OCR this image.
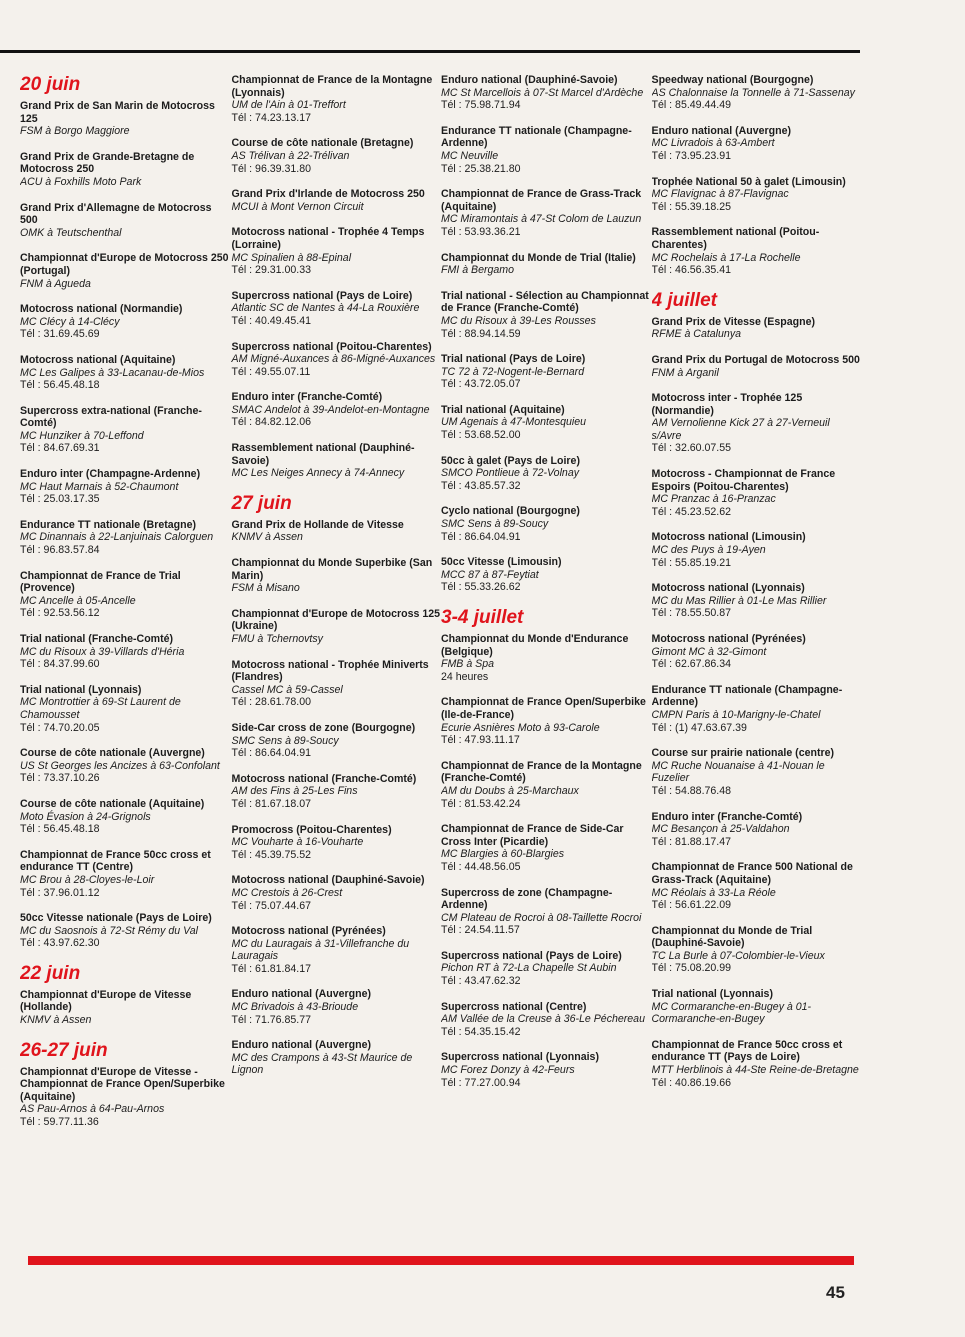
20 juin
Grand Prix de San Marin de Motocross 125
FSM à Borgo Maggiore
Grand Prix de Grande-Bretagne de Motocross 250
ACU à Foxhills Moto Park
Grand Prix d'Allemagne de Motocross 500
OMK à Teutschenthal
Championnat d'Europe de Motocross 250 (Portugal)
FNM à Agueda
Motocross national (Normandie)
MC Clécy à 14-Clécy
Tél : 31.69.45.69
Motocross national (Aquitaine)
MC Les Galipes à 33-Lacanau-de-Mios
Tél : 56.45.48.18
Supercross extra-national (Franche-Comté)
MC Hunziker à 70-Leffond
Tél : 84.67.69.31
Enduro inter (Champagne-Ardenne)
MC Haut Marnais à 52-Chaumont
Tél : 25.03.17.35
Endurance TT nationale (Bretagne)
MC Dinannais à 22-Lanjuinais Calorguen
Tél : 96.83.57.84
Championnat de France de Trial (Provence)
MC Ancelle à 05-Ancelle
Tél : 92.53.56.12
Trial national (Franche-Comté)
MC du Risoux à 39-Villards d'Héria
Tél : 84.37.99.60
Trial national (Lyonnais)
MC Montrottier à 69-St Laurent de Chamousset
Tél : 74.70.20.05
Course de côte nationale (Auvergne)
US St Georges les Ancizes à 63-Confolant
Tél : 73.37.10.26
Course de côte nationale (Aquitaine)
Moto Évasion à 24-Grignols
Tél : 56.45.48.18
Championnat de France 50cc cross et endurance TT (Centre)
MC Brou à 28-Cloyes-le-Loir
Tél : 37.96.01.12
50cc Vitesse nationale (Pays de Loire)
MC du Saosnois à 72-St Rémy du Val
Tél : 43.97.62.30
22 juin
Championnat d'Europe de Vitesse (Hollande)
KNMV à Assen
26-27 juin
Championnat d'Europe de Vitesse - Championnat de France Open/Superbike (Aquitaine)
AS Pau-Arnos à 64-Pau-Arnos
Tél : 59.77.11.36
Championnat de France de la Montagne (Lyonnais)
UM de l'Ain à 01-Treffort
Tél : 74.23.13.17
Course de côte nationale (Bretagne)
AS Trélivan à 22-Trélivan
Tél : 96.39.31.80
Grand Prix d'Irlande de Motocross 250
MCUI à Mont Vernon Circuit
Motocross national - Trophée 4 Temps (Lorraine)
MC Spinalien à 88-Epinal
Tél : 29.31.00.33
Supercross national (Pays de Loire)
Atlantic SC de Nantes à 44-La Rouxière
Tél : 40.49.45.41
Supercross national (Poitou-Charentes)
AM Migné-Auxances à 86-Migné-Auxances
Tél : 49.55.07.11
Enduro inter (Franche-Comté)
SMAC Andelot à 39-Andelot-en-Montagne
Tél : 84.82.12.06
Rassemblement national (Dauphiné-Savoie)
MC Les Neiges Annecy à 74-Annecy
27 juin
Grand Prix de Hollande de Vitesse
KNMV à Assen
Championnat du Monde Superbike (San Marin)
FSM à Misano
Championnat d'Europe de Motocross 125 (Ukraine)
FMU à Tchernovtsy
Motocross national - Trophée Miniverts (Flandres)
Cassel MC à 59-Cassel
Tél : 28.61.78.00
Side-Car cross de zone (Bourgogne)
SMC Sens à 89-Soucy
Tél : 86.64.04.91
Motocross national (Franche-Comté)
AM des Fins à 25-Les Fins
Tél : 81.67.18.07
Promocross (Poitou-Charentes)
MC Vouharte à 16-Vouharte
Tél : 45.39.75.52
Motocross national (Dauphiné-Savoie)
MC Crestois à 26-Crest
Tél : 75.07.44.67
Motocross national (Pyrénées)
MC du Lauragais à 31-Villefranche du Lauragais
Tél : 61.81.84.17
Enduro national (Auvergne)
MC Brivadois à 43-Brioude
Tél : 71.76.85.77
Enduro national (Auvergne)
MC des Crampons à 43-St Maurice de Lignon
Enduro national (Dauphiné-Savoie)
MC St Marcellois à 07-St Marcel d'Ardèche
Tél : 75.98.71.94
Endurance TT nationale (Champagne-Ardenne)
MC Neuville
Tél : 25.38.21.80
Championnat de France de Grass-Track (Aquitaine)
MC Miramontais à 47-St Colom de Lauzun
Tél : 53.93.36.21
Championnat du Monde de Trial (Italie)
FMI à Bergamo
Trial national - Sélection au Championnat de France (Franche-Comté)
MC du Risoux à 39-Les Rousses
Tél : 88.94.14.59
Trial national (Pays de Loire)
TC 72 à 72-Nogent-le-Bernard
Tél : 43.72.05.07
Trial national (Aquitaine)
UM Agenais à 47-Montesquieu
Tél : 53.68.52.00
50cc à galet (Pays de Loire)
SMCO Pontlieue à 72-Volnay
Tél : 43.85.57.32
Cyclo national (Bourgogne)
SMC Sens à 89-Soucy
Tél : 86.64.04.91
50cc Vitesse (Limousin)
MCC 87 à 87-Feytiat
Tél : 55.33.26.62
3-4 juillet
Championnat du Monde d'Endurance (Belgique)
FMB à Spa
24 heures
Championnat de France Open/Superbike (Ile-de-France)
Ecurie Asnières Moto à 93-Carole
Tél : 47.93.11.17
Championnat de France de la Montagne (Franche-Comté)
AM du Doubs à 25-Marchaux
Tél : 81.53.42.24
Championnat de France de Side-Car Cross Inter (Picardie)
MC Blargies à 60-Blargies
Tél : 44.48.56.05
Supercross de zone (Champagne-Ardenne)
CM Plateau de Rocroi à 08-Taillette Rocroi
Tél : 24.54.11.57
Supercross national (Pays de Loire)
Pichon RT à 72-La Chapelle St Aubin
Tél : 43.47.62.32
Supercross national (Centre)
AM Vallée de la Creuse à 36-Le Péchereau
Tél : 54.35.15.42
Supercross national (Lyonnais)
MC Forez Donzy à 42-Feurs
Tél : 77.27.00.94
Speedway national (Bourgogne)
AS Chalonnaise la Tonnelle à 71-Sassenay
Tél : 85.49.44.49
Enduro national (Auvergne)
MC Livradois à 63-Ambert
Tél : 73.95.23.91
Trophée National 50 à galet (Limousin)
MC Flavignac à 87-Flavignac
Tél : 55.39.18.25
Rassemblement national (Poitou-Charentes)
MC Rochelais à 17-La Rochelle
Tél : 46.56.35.41
4 juillet
Grand Prix de Vitesse (Espagne)
RFME à Catalunya
Grand Prix du Portugal de Motocross 500
FNM à Arganil
Motocross inter - Trophée 125 (Normandie)
AM Vernolienne Kick 27 à 27-Verneuil s/Avre
Tél : 32.60.07.55
Motocross - Championnat de France Espoirs (Poitou-Charentes)
MC Pranzac à 16-Pranzac
Tél : 45.23.52.62
Motocross national (Limousin)
MC des Puys à 19-Ayen
Tél : 55.85.19.21
Motocross national (Lyonnais)
MC du Mas Rillier à 01-Le Mas Rillier
Tél : 78.55.50.87
Motocross national (Pyrénées)
Gimont MC à 32-Gimont
Tél : 62.67.86.34
Endurance TT nationale (Champagne-Ardenne)
CMPN Paris à 10-Marigny-le-Chatel
Tél : (1) 47.63.67.39
Course sur prairie nationale (centre)
MC Ruche Nouanaise à 41-Nouan le Fuzelier
Tél : 54.88.76.48
Enduro inter (Franche-Comté)
MC Besançon à 25-Valdahon
Tél : 81.88.17.47
Championnat de France 500 National de Grass-Track (Aquitaine)
MC Réolais à 33-La Réole
Tél : 56.61.22.09
Championnat du Monde de Trial (Dauphiné-Savoie)
TC La Burle à 07-Colombier-le-Vieux
Tél : 75.08.20.99
Trial national (Lyonnais)
MC Cormaranche-en-Bugey à 01-Cormaranche-en-Bugey
Championnat de France 50cc cross et endurance TT (Pays de Loire)
MTT Herblinois à 44-Ste Reine-de-Bretagne
Tél : 40.86.19.66
45
